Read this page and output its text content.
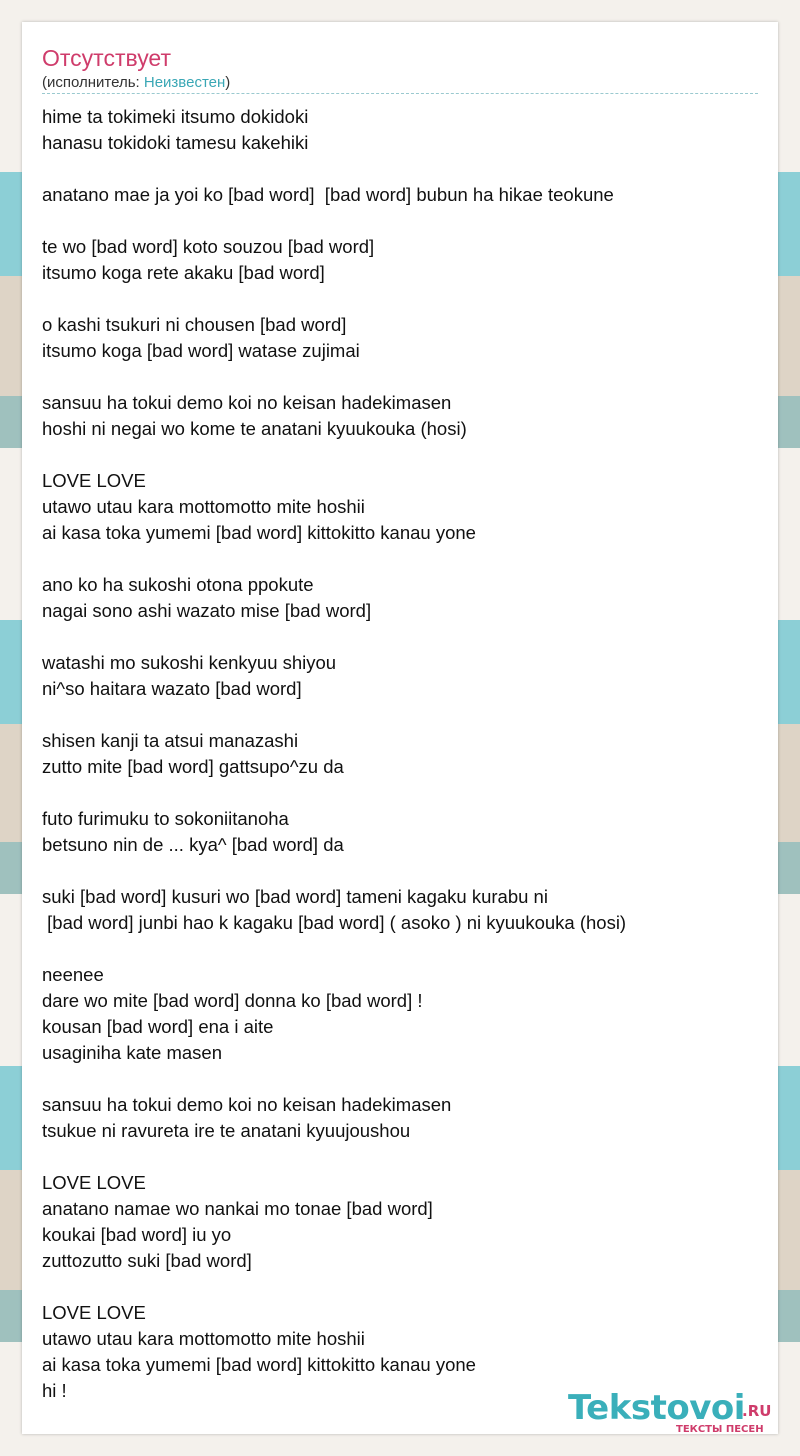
Отсутствует
(исполнитель: Неизвестен)
hime ta tokimeki itsumo dokidoki
hanasu tokidoki tamesu kakehiki
anatano mae ja yoi ko [bad word]  [bad word] bubun ha hikae teokune
te wo [bad word] koto souzou [bad word]
itsumo koga rete akaku [bad word]
o kashi tsukuri ni chousen [bad word]
itsumo koga [bad word] watase zujimai
sansuu ha tokui demo koi no keisan hadekimasen
hoshi ni negai wo kome te anatani kyuukouka (hosi)
LOVE LOVE
utawo utau kara mottomotto mite hoshii
ai kasa toka yumemi [bad word] kittokitto kanau yone
ano ko ha sukoshi otona ppokute
nagai sono ashi wazato mise [bad word]
watashi mo sukoshi kenkyuu shiyou
ni^so haitara wazato [bad word]
shisen kanji ta atsui manazashi
zutto mite [bad word] gattsupo^zu da
futo furimuku to sokoniitanoha
betsuno nin de ... kya^ [bad word] da
suki [bad word] kusuri wo [bad word] tameni kagaku kurabu ni
[bad word] junbi hao k kagaku [bad word] ( asoko ) ni kyuukouka (hosi)
neenee
dare wo mite [bad word] donna ko [bad word] !
kousan [bad word] ena i aite
usaginiha kate masen
sansuu ha tokui demo koi no keisan hadekimasen
tsukue ni ravureta ire te anatani kyuujoushou
LOVE LOVE
anatano namae wo nankai mo tonae [bad word]
koukai [bad word] iu yo
zuttozutto suki [bad word]
LOVE LOVE
utawo utau kara mottomotto mite hoshii
ai kasa toka yumemi [bad word] kittokitto kanau yone
hi !	Tekstovoi
.RU
ТЕКСТЫ ПЕСЕН
